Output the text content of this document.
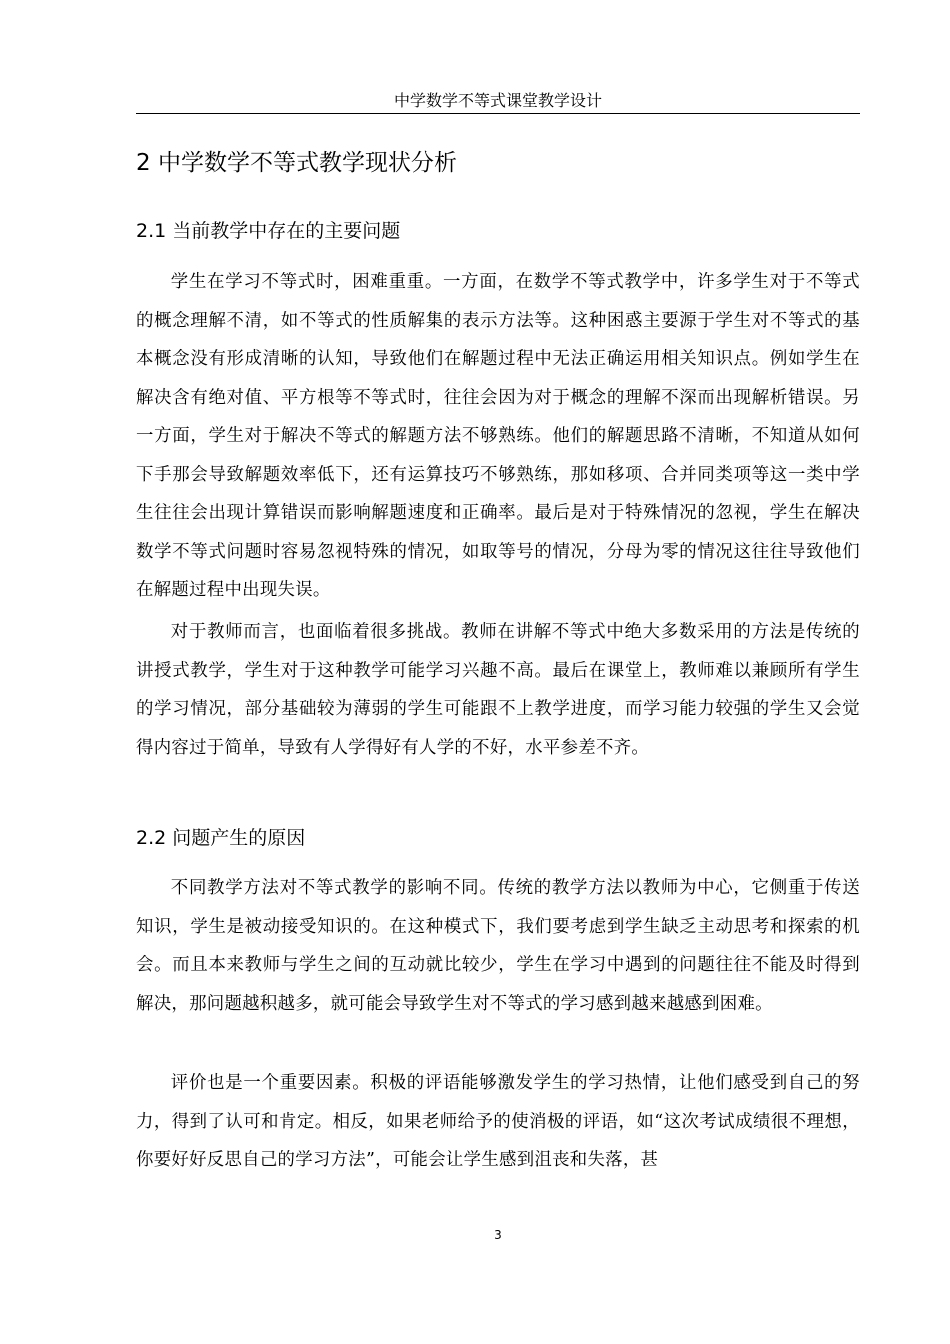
中学数学不等式课堂教学设计
2 中学数学不等式教学现状分析
2.1 当前教学中存在的主要问题

学生在学习不等式时，困难重重。一方面，在数学不等式教学中，许多学生对于不等式的概念理解不清，如不等式的性质解集的表示方法等。这种困惑主要源于学生对不等式的基本概念没有形成清晰的认知，导致他们在解题过程中无法正确运用相关知识点。例如学生在解决含有绝对值、平方根等不等式时，往往会因为对于概念的理解不深而出现解析错误。另一方面，学生对于解决不等式的解题方法不够熟练。他们的解题思路不清晰，不知道从如何下手那会导致解题效率低下，还有运算技巧不够熟练，那如移项、合并同类项等这一类中学生往往会出现计算错误而影响解题速度和正确率。最后是对于特殊情况的忽视，学生在解决数学不等式问题时容易忽视特殊的情况，如取等号的情况，分母为零的情况这往往导致他们在解题过程中出现失误。

对于教师而言，也面临着很多挑战。教师在讲解不等式中绝大多数采用的方法是传统的讲授式教学，学生对于这种教学可能学习兴趣不高。最后在课堂上，教师难以兼顾所有学生的学习情况，部分基础较为薄弱的学生可能跟不上教学进度，而学习能力较强的学生又会觉得内容过于简单，导致有人学得好有人学的不好，水平参差不齐。

2.2 问题产生的原因

不同教学方法对不等式教学的影响不同。传统的教学方法以教师为中心，它侧重于传送知识，学生是被动接受知识的。在这种模式下，我们要考虑到学生缺乏主动思考和探索的机会。而且本来教师与学生之间的互动就比较少，学生在学习中遇到的问题往往不能及时得到解决，那问题越积越多，就可能会导致学生对不等式的学习感到越来越感到困难。

评价也是一个重要因素。积极的评语能够激发学生的学习热情，让他们感受到自己的努力，得到了认可和肯定。相反，如果老师给予的使消极的评语，如“这次考试成绩很不理想，你要好好反思自己的学习方法”，可能会让学生感到沮丧和失落，甚

3
